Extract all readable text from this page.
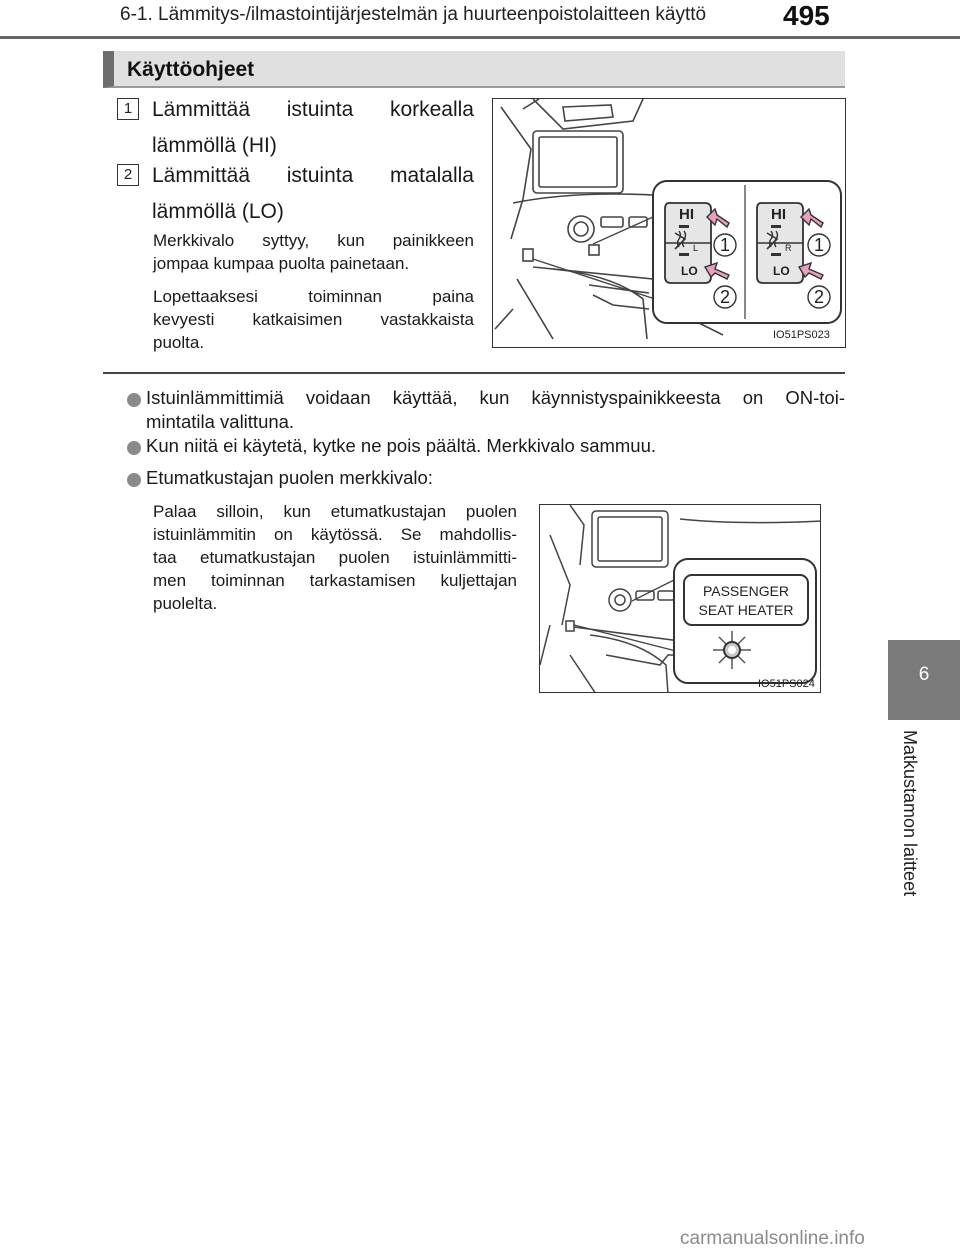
6-1. Lämmitys-/ilmastointijärjestelmän ja huurteenpoistolaitteen käyttö	495
6
Matkustamon laitteet
Käyttöohjeet
1 Lämmittää istuinta korkealla
lämmöllä (HI)
2 Lämmittää istuinta matalalla
lämmöllä (LO)
Merkkivalo syttyy, kun painikkeen
jompaa kumpaa puolta painetaan.
Lopettaaksesi toiminnan paina
kevyesti katkaisimen vastakkaista
puolta.
HI
LO
L
HI
LO
R
1
2
1
2
IO51PS023
Istuinlämmittimiä voidaan käyttää, kun käynnistyspainikkeesta on ON-toi-
mintatila valittuna.
Kun niitä ei käytetä, kytke ne pois päältä. Merkkivalo sammuu.
Etumatkustajan puolen merkkivalo:
Palaa silloin, kun etumatkustajan puolen
istuinlämmitin on käytössä. Se mahdollis-
taa etumatkustajan puolen istuinlämmitti-
men toiminnan tarkastamisen kuljettajan
puolelta.
PASSENGER
SEAT HEATER
IO51PS024
carmanualsonline.info
